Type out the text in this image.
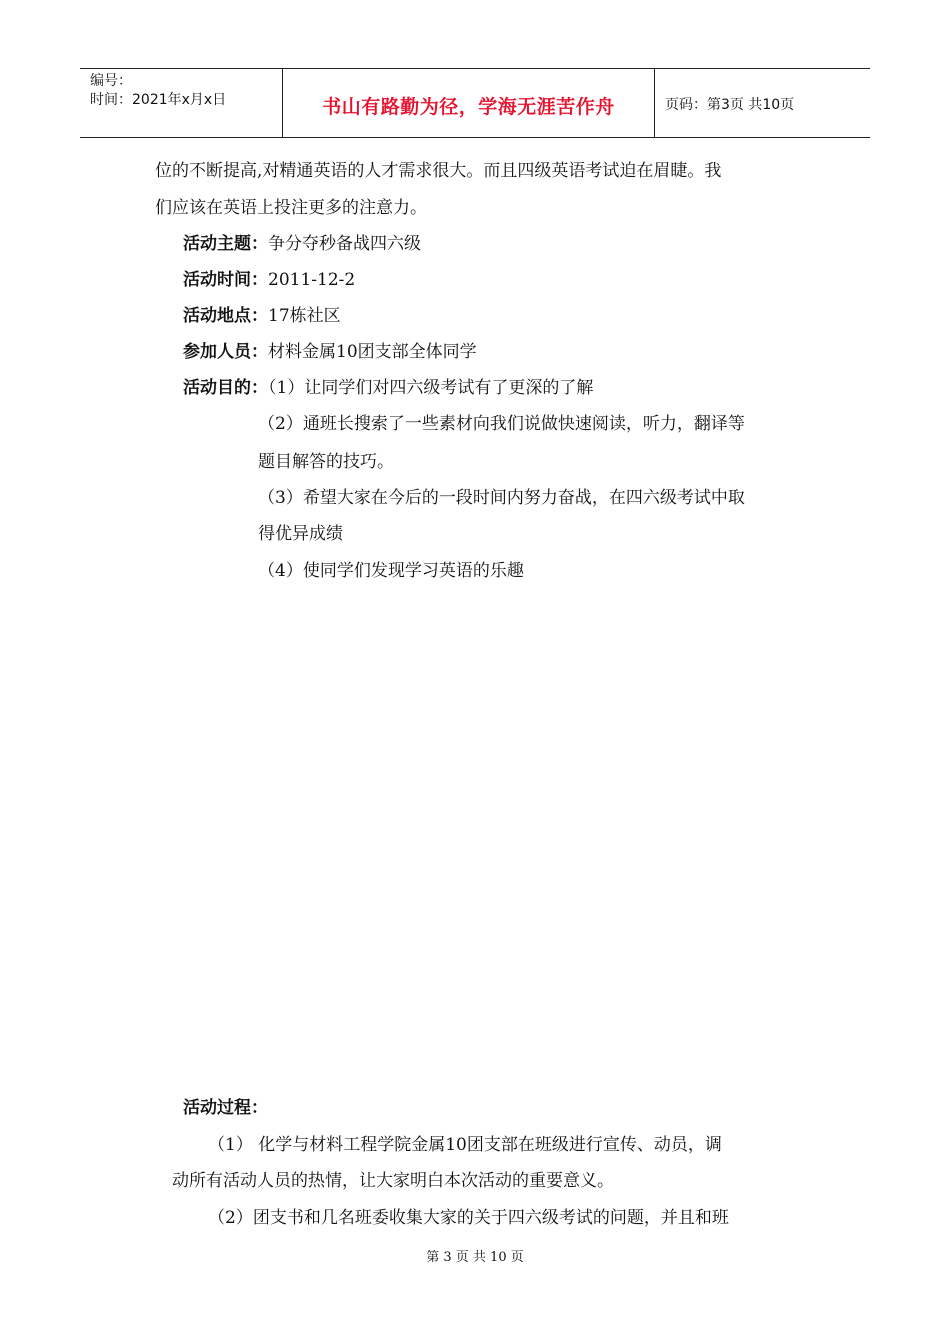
编号：
时间：2021年x月x日	书山有路勤为径，学海无涯苦作舟	页码：第3页 共10页
位的不断提高,对精通英语的人才需求很大。而且四级英语考试迫在眉睫。我
们应该在英语上投注更多的注意力。
活动主题：争分夺秒备战四六级
活动时间：2011-12-2
活动地点：17栋社区
参加人员：材料金属10团支部全体同学
活动目的：（1）让同学们对四六级考试有了更深的了解
（2）通班长搜索了一些素材向我们说做快速阅读，听力，翻译等
题目解答的技巧。
（3）希望大家在今后的一段时间内努力奋战，在四六级考试中取
得优异成绩
（4）使同学们发现学习英语的乐趣
活动过程：
（1） 化学与材料工程学院金属10团支部在班级进行宣传、动员，调
动所有活动人员的热情，让大家明白本次活动的重要意义。
（2）团支书和几名班委收集大家的关于四六级考试的问题，并且和班
第 3 页 共 10 页
